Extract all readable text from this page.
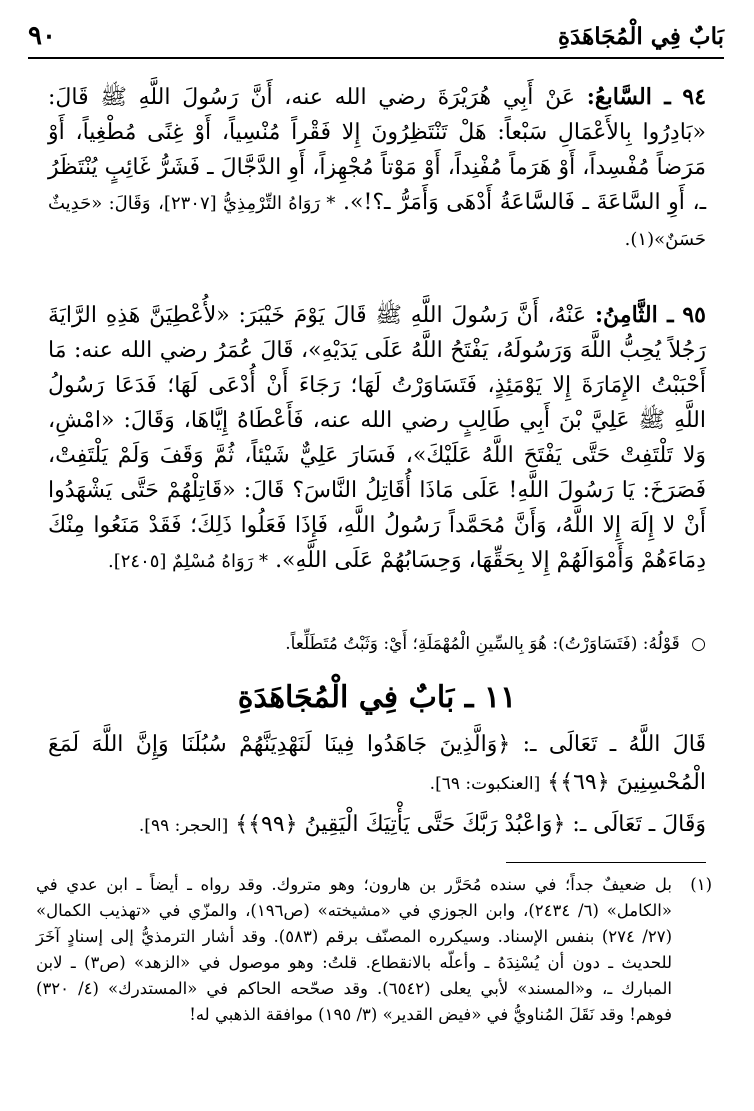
بَابٌ فِي الْمُجَاهَدَةِ
٩٠
٩٤ ـ السَّابعُ: عَنْ أَبِي هُرَيْرَةَ رضي الله عنه، أَنَّ رَسُولَ اللَّهِ ﷺ قَالَ: «بَادِرُوا بِالأَعْمَالِ سَبْعاً: هَلْ تَنْتَظِرُونَ إِلا فَقْراً مُنْسِياً، أَوْ غِنًى مُطْغِياً، أَوْ مَرَضاً مُفْسِداً، أَوْ هَرَماً مُفْنِداً، أَوْ مَوْتاً مُجْهِزاً، أَوِ الدَّجَّالَ ـ فَشَرُّ غَائِبٍ يُنْتَظَرُ ـ، أَوِ السَّاعَةَ ـ فَالسَّاعَةُ أَدْهَى وَأَمَرُّ ـ؟!». * رَوَاهُ التِّرْمِذِيُّ [٢٣٠٧]، وَقَالَ: «حَدِيثٌ حَسَنٌ»(١).
٩٥ ـ الثَّامِنُ: عَنْهُ، أَنَّ رَسُولَ اللَّهِ ﷺ قَالَ يَوْمَ خَيْبَرَ: «لأُعْطِيَنَّ هَذِهِ الرَّايَةَ رَجُلاً يُحِبُّ اللَّهَ وَرَسُولَهُ، يَفْتَحُ اللَّهُ عَلَى يَدَيْهِ»، قَالَ عُمَرُ رضي الله عنه: مَا أَحْبَبْتُ الإِمَارَةَ إِلا يَوْمَئِذٍ، فَتَسَاوَرْتُ لَهَا؛ رَجَاءَ أَنْ أُدْعَى لَهَا؛ فَدَعَا رَسُولُ اللَّهِ ﷺ عَلِيَّ بْنَ أَبِي طَالِبٍ رضي الله عنه، فَأَعْطَاهُ إِيَّاهَا، وَقَالَ: «امْشِ، وَلا تَلْتَفِتْ حَتَّى يَفْتَحَ اللَّهُ عَلَيْكَ»، فَسَارَ عَلِيٌّ شَيْئاً، ثُمَّ وَقَفَ وَلَمْ يَلْتَفِتْ، فَصَرَخَ: يَا رَسُولَ اللَّهِ! عَلَى مَاذَا أُقَاتِلُ النَّاسَ؟ قَالَ: «قَاتِلْهُمْ حَتَّى يَشْهَدُوا أَنْ لا إِلَهَ إِلا اللَّهُ، وَأَنَّ مُحَمَّداً رَسُولُ اللَّهِ، فَإِذَا فَعَلُوا ذَلِكَ؛ فَقَدْ مَنَعُوا مِنْكَ دِمَاءَهُمْ وَأَمْوَالَهُمْ إِلا بِحَقِّهَا، وَحِسَابُهُمْ عَلَى اللَّهِ». * رَوَاهُ مُسْلِمٌ [٢٤٠٥].
○ قَوْلُهُ: (فَتَسَاوَرْتُ): هُوَ بِالسِّينِ الْمُهْمَلَةِ؛ أَيْ: وَثَبْتُ مُتَطَلِّعاً.
١١ ـ بَابٌ فِي الْمُجَاهَدَةِ
قَالَ اللَّهُ ـ تَعَالَى ـ: ﴿وَالَّذِينَ جَاهَدُوا فِينَا لَنَهْدِيَنَّهُمْ سُبُلَنَا وَإِنَّ اللَّهَ لَمَعَ الْمُحْسِنِينَ ﴿٦٩﴾﴾ [العنكبوت: ٦٩].
وَقَالَ ـ تَعَالَى ـ: ﴿وَاعْبُدْ رَبَّكَ حَتَّى يَأْتِيَكَ الْيَقِينُ ﴿٩٩﴾﴾ [الحجر: ٩٩].
(١)
بل ضعيفٌ جداً؛ في سنده مُحَرَّر بن هارون؛ وهو متروك. وقد رواه ـ أيضاً ـ ابن عدي في «الكامل» (٦/ ٢٤٣٤)، وابن الجوزي في «مشيخته» (ص١٩٦)، والمزّي في «تهذيب الكمال» (٢٧/ ٢٧٤) بنفس الإسناد. وسيكرره المصنّف برقم (٥٨٣). وقد أشار الترمذيُّ إلى إسنادٍ آخَرَ للحديث ـ دون أن يُسْنِدَهُ ـ وأعلّه بالانقطاع. قلتُ: وهو موصول في «الزهد» (ص٣) ـ لابن المبارك ـ، و«المسند» لأبي يعلى (٦٥٤٢). وقد صحّحه الحاكم في «المستدرك» (٤/ ٣٢٠) فوهم! وقد نَقَلَ المُناويُّ في «فيض القدير» (٣/ ١٩٥) موافقة الذهبي له!
